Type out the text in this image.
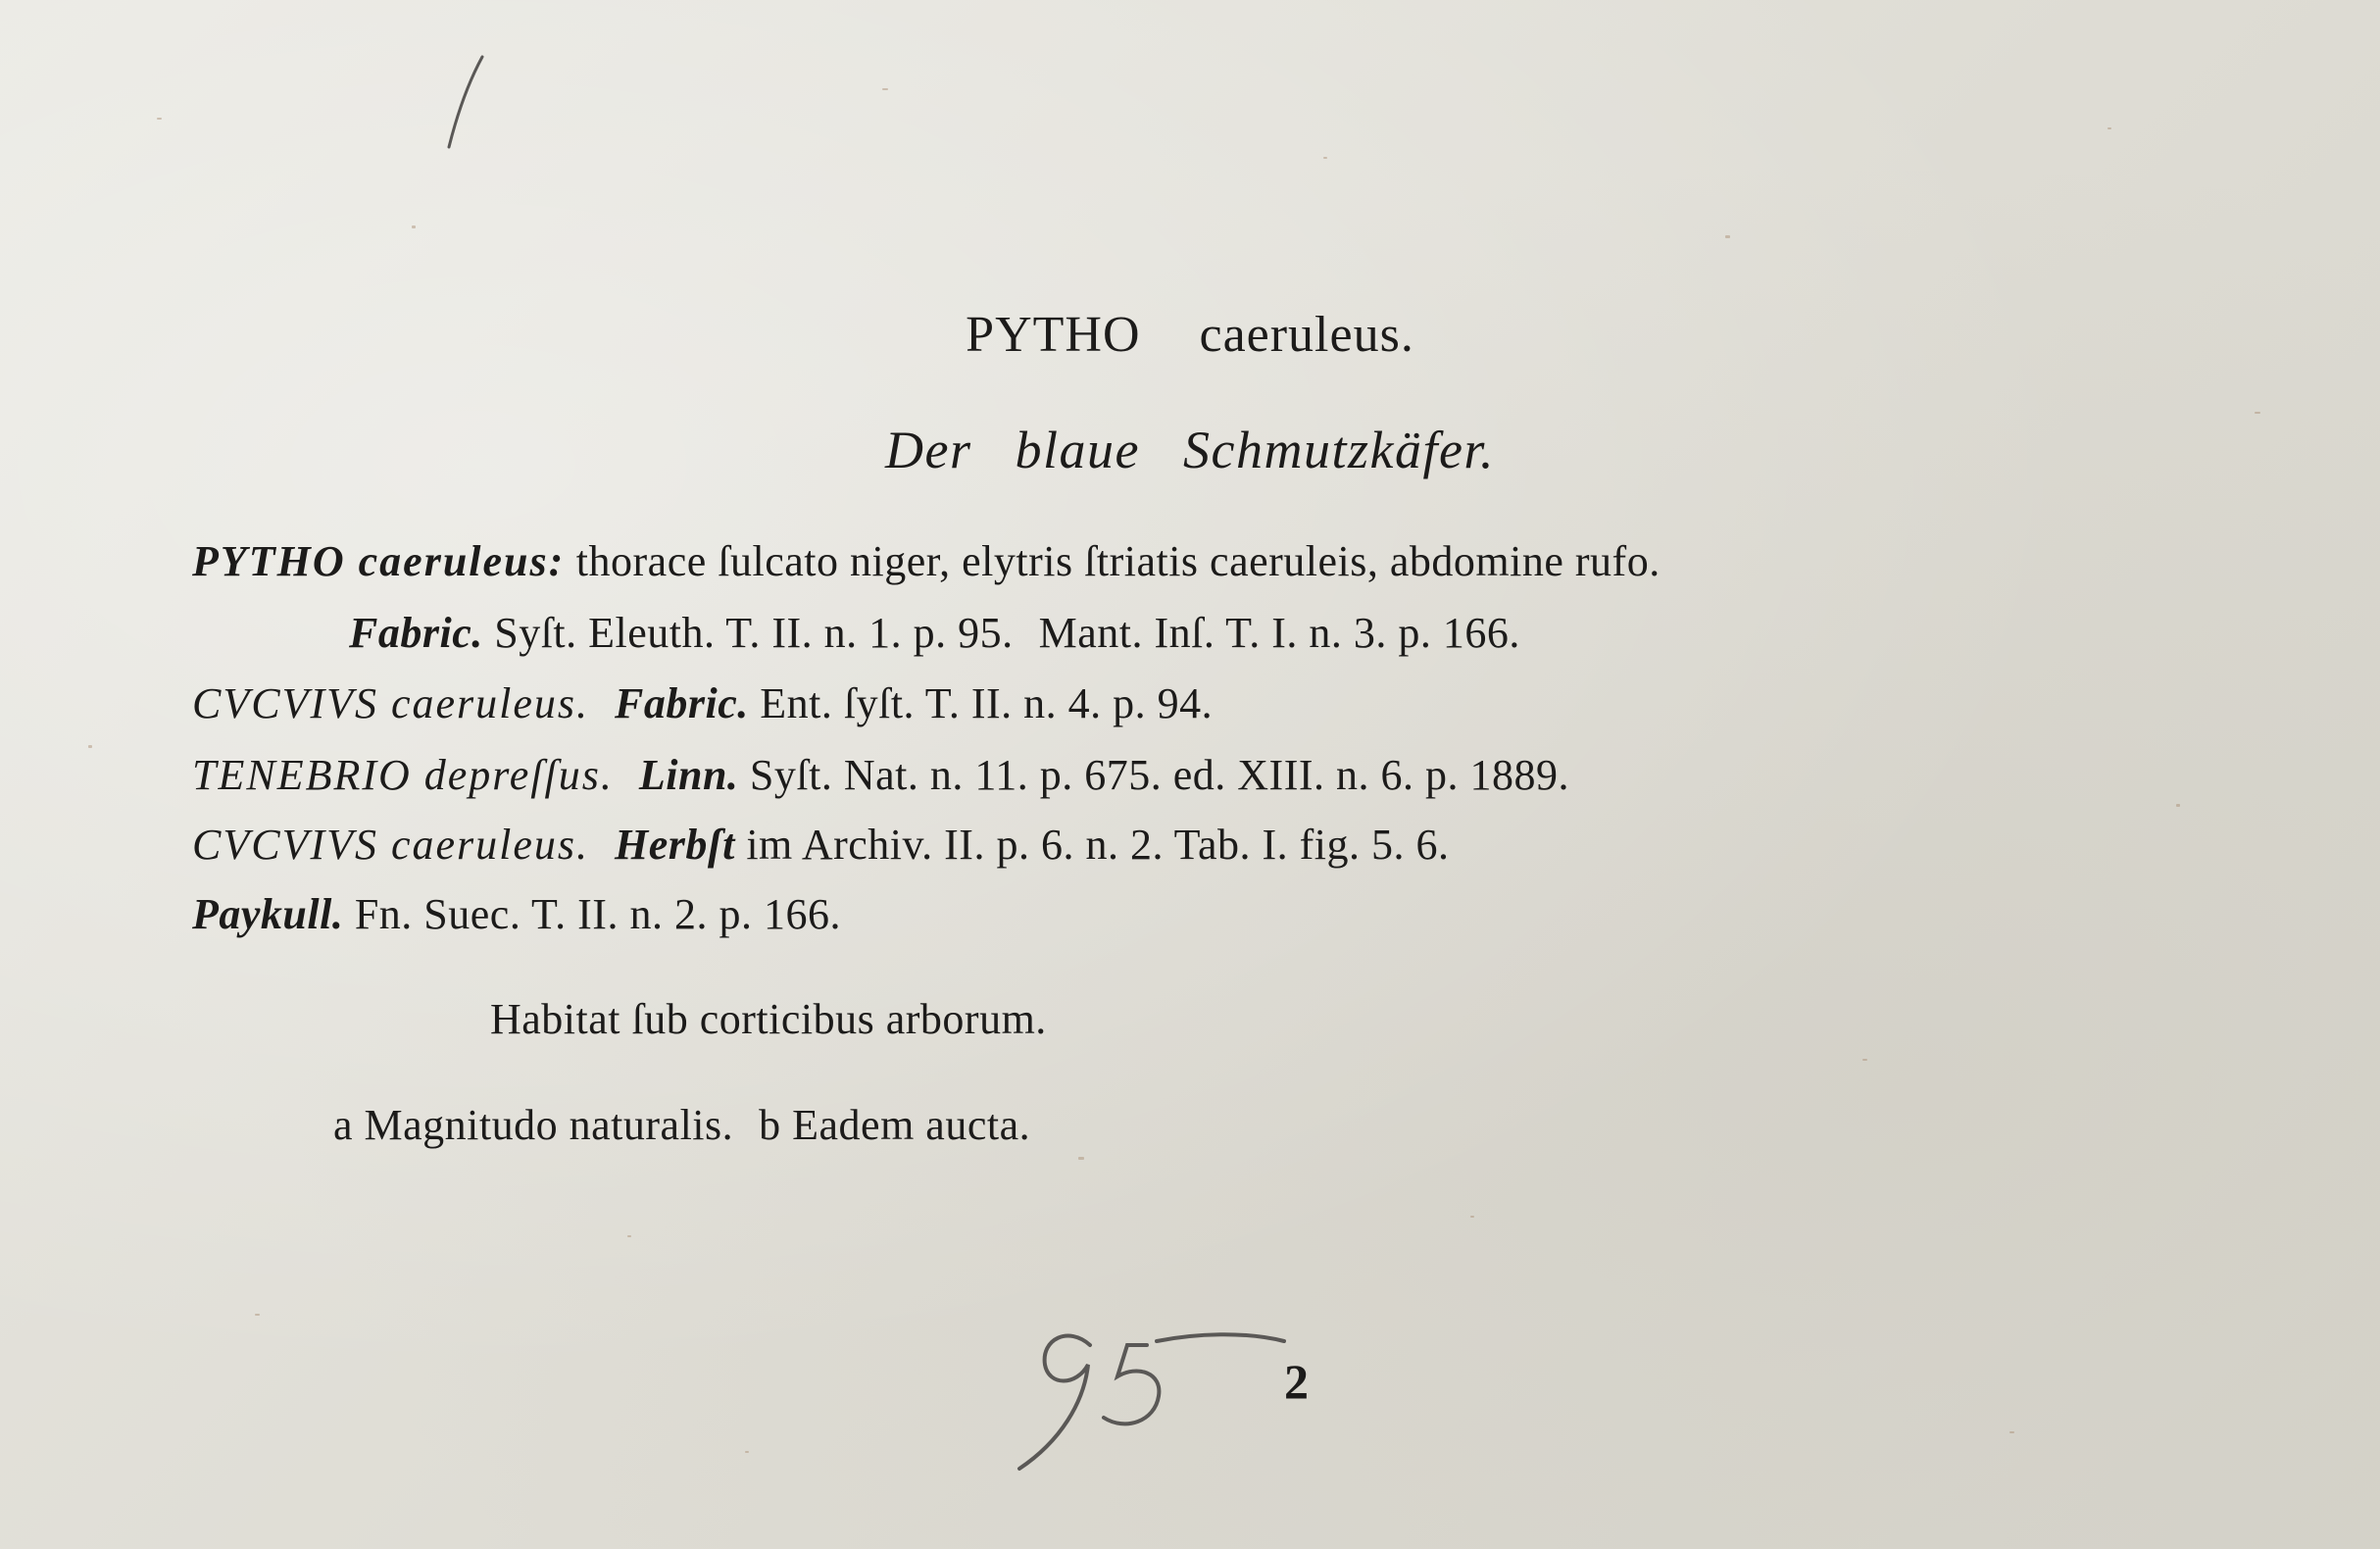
PYTHO caeruleus.
Der blaue Schmutzkäfer.
PYTHO caeruleus: thorace ſulcato niger, elytris ſtriatis caeruleis, abdomine rufo.
Fabric. Syſt. Eleuth. T. II. n. 1. p. 95. Mant. Inſ. T. I. n. 3. p. 166.
CVCVIVS caeruleus. Fabric. Ent. ſyſt. T. II. n. 4. p. 94.
TENEBRIO depreſſus. Linn. Syſt. Nat. n. 11. p. 675. ed. XIII. n. 6. p. 1889.
CVCVIVS caeruleus. Herbſt im Archiv. II. p. 6. n. 2. Tab. I. fig. 5. 6.
Paykull. Fn. Suec. T. II. n. 2. p. 166.
Habitat ſub corticibus arborum.
a Magnitudo naturalis. b Eadem aucta.
2
